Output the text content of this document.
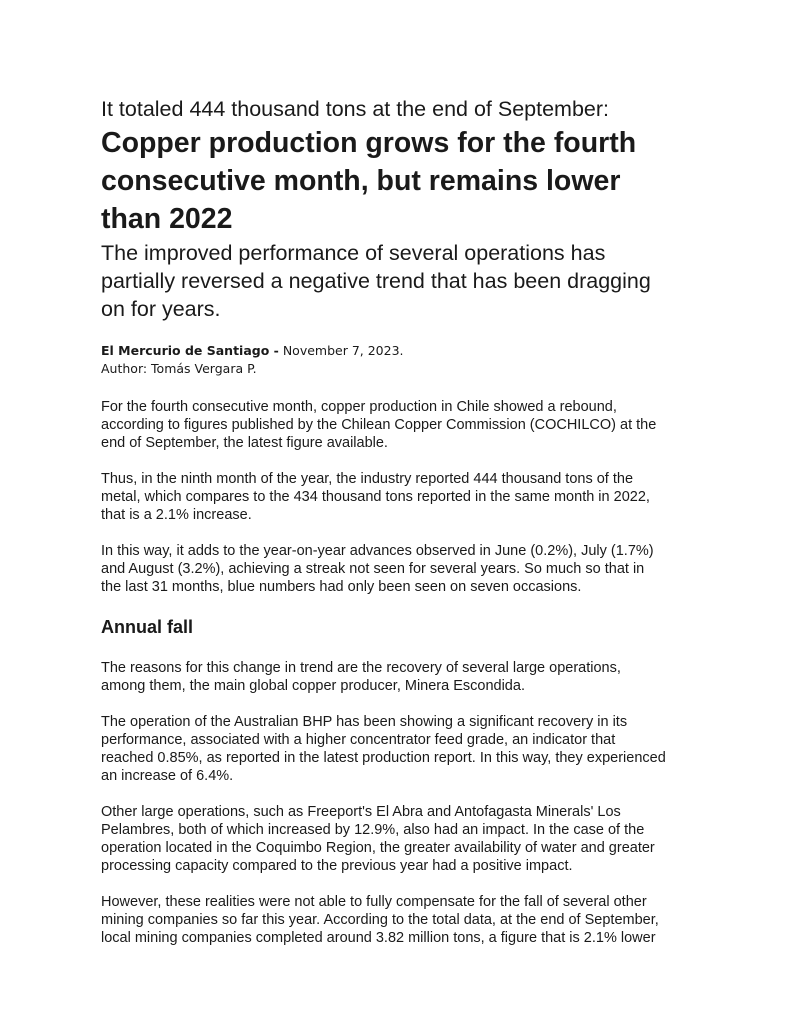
It totaled 444 thousand tons at the end of September:

Copper production grows for the fourth
consecutive month, but remains lower
than 2022

The improved performance of several operations has
partially reversed a negative trend that has been dragging
on for years.

El Mercurio de Santiago - November 7, 2023.
Author: Tomás Vergara P.

For the fourth consecutive month, copper production in Chile showed a rebound,
according to figures published by the Chilean Copper Commission (COCHILCO) at the
end of September, the latest figure available.

Thus, in the ninth month of the year, the industry reported 444 thousand tons of the
metal, which compares to the 434 thousand tons reported in the same month in 2022,
that is a 2.1% increase.

In this way, it adds to the year-on-year advances observed in June (0.2%), July (1.7%)
and August (3.2%), achieving a streak not seen for several years. So much so that in
the last 31 months, blue numbers had only been seen on seven occasions.

Annual fall

The reasons for this change in trend are the recovery of several large operations,
among them, the main global copper producer, Minera Escondida.

The operation of the Australian BHP has been showing a significant recovery in its
performance, associated with a higher concentrator feed grade, an indicator that
reached 0.85%, as reported in the latest production report. In this way, they experienced
an increase of 6.4%.

Other large operations, such as Freeport's El Abra and Antofagasta Minerals' Los
Pelambres, both of which increased by 12.9%, also had an impact. In the case of the
operation located in the Coquimbo Region, the greater availability of water and greater
processing capacity compared to the previous year had a positive impact.

However, these realities were not able to fully compensate for the fall of several other
mining companies so far this year. According to the total data, at the end of September,
local mining companies completed around 3.82 million tons, a figure that is 2.1% lower
